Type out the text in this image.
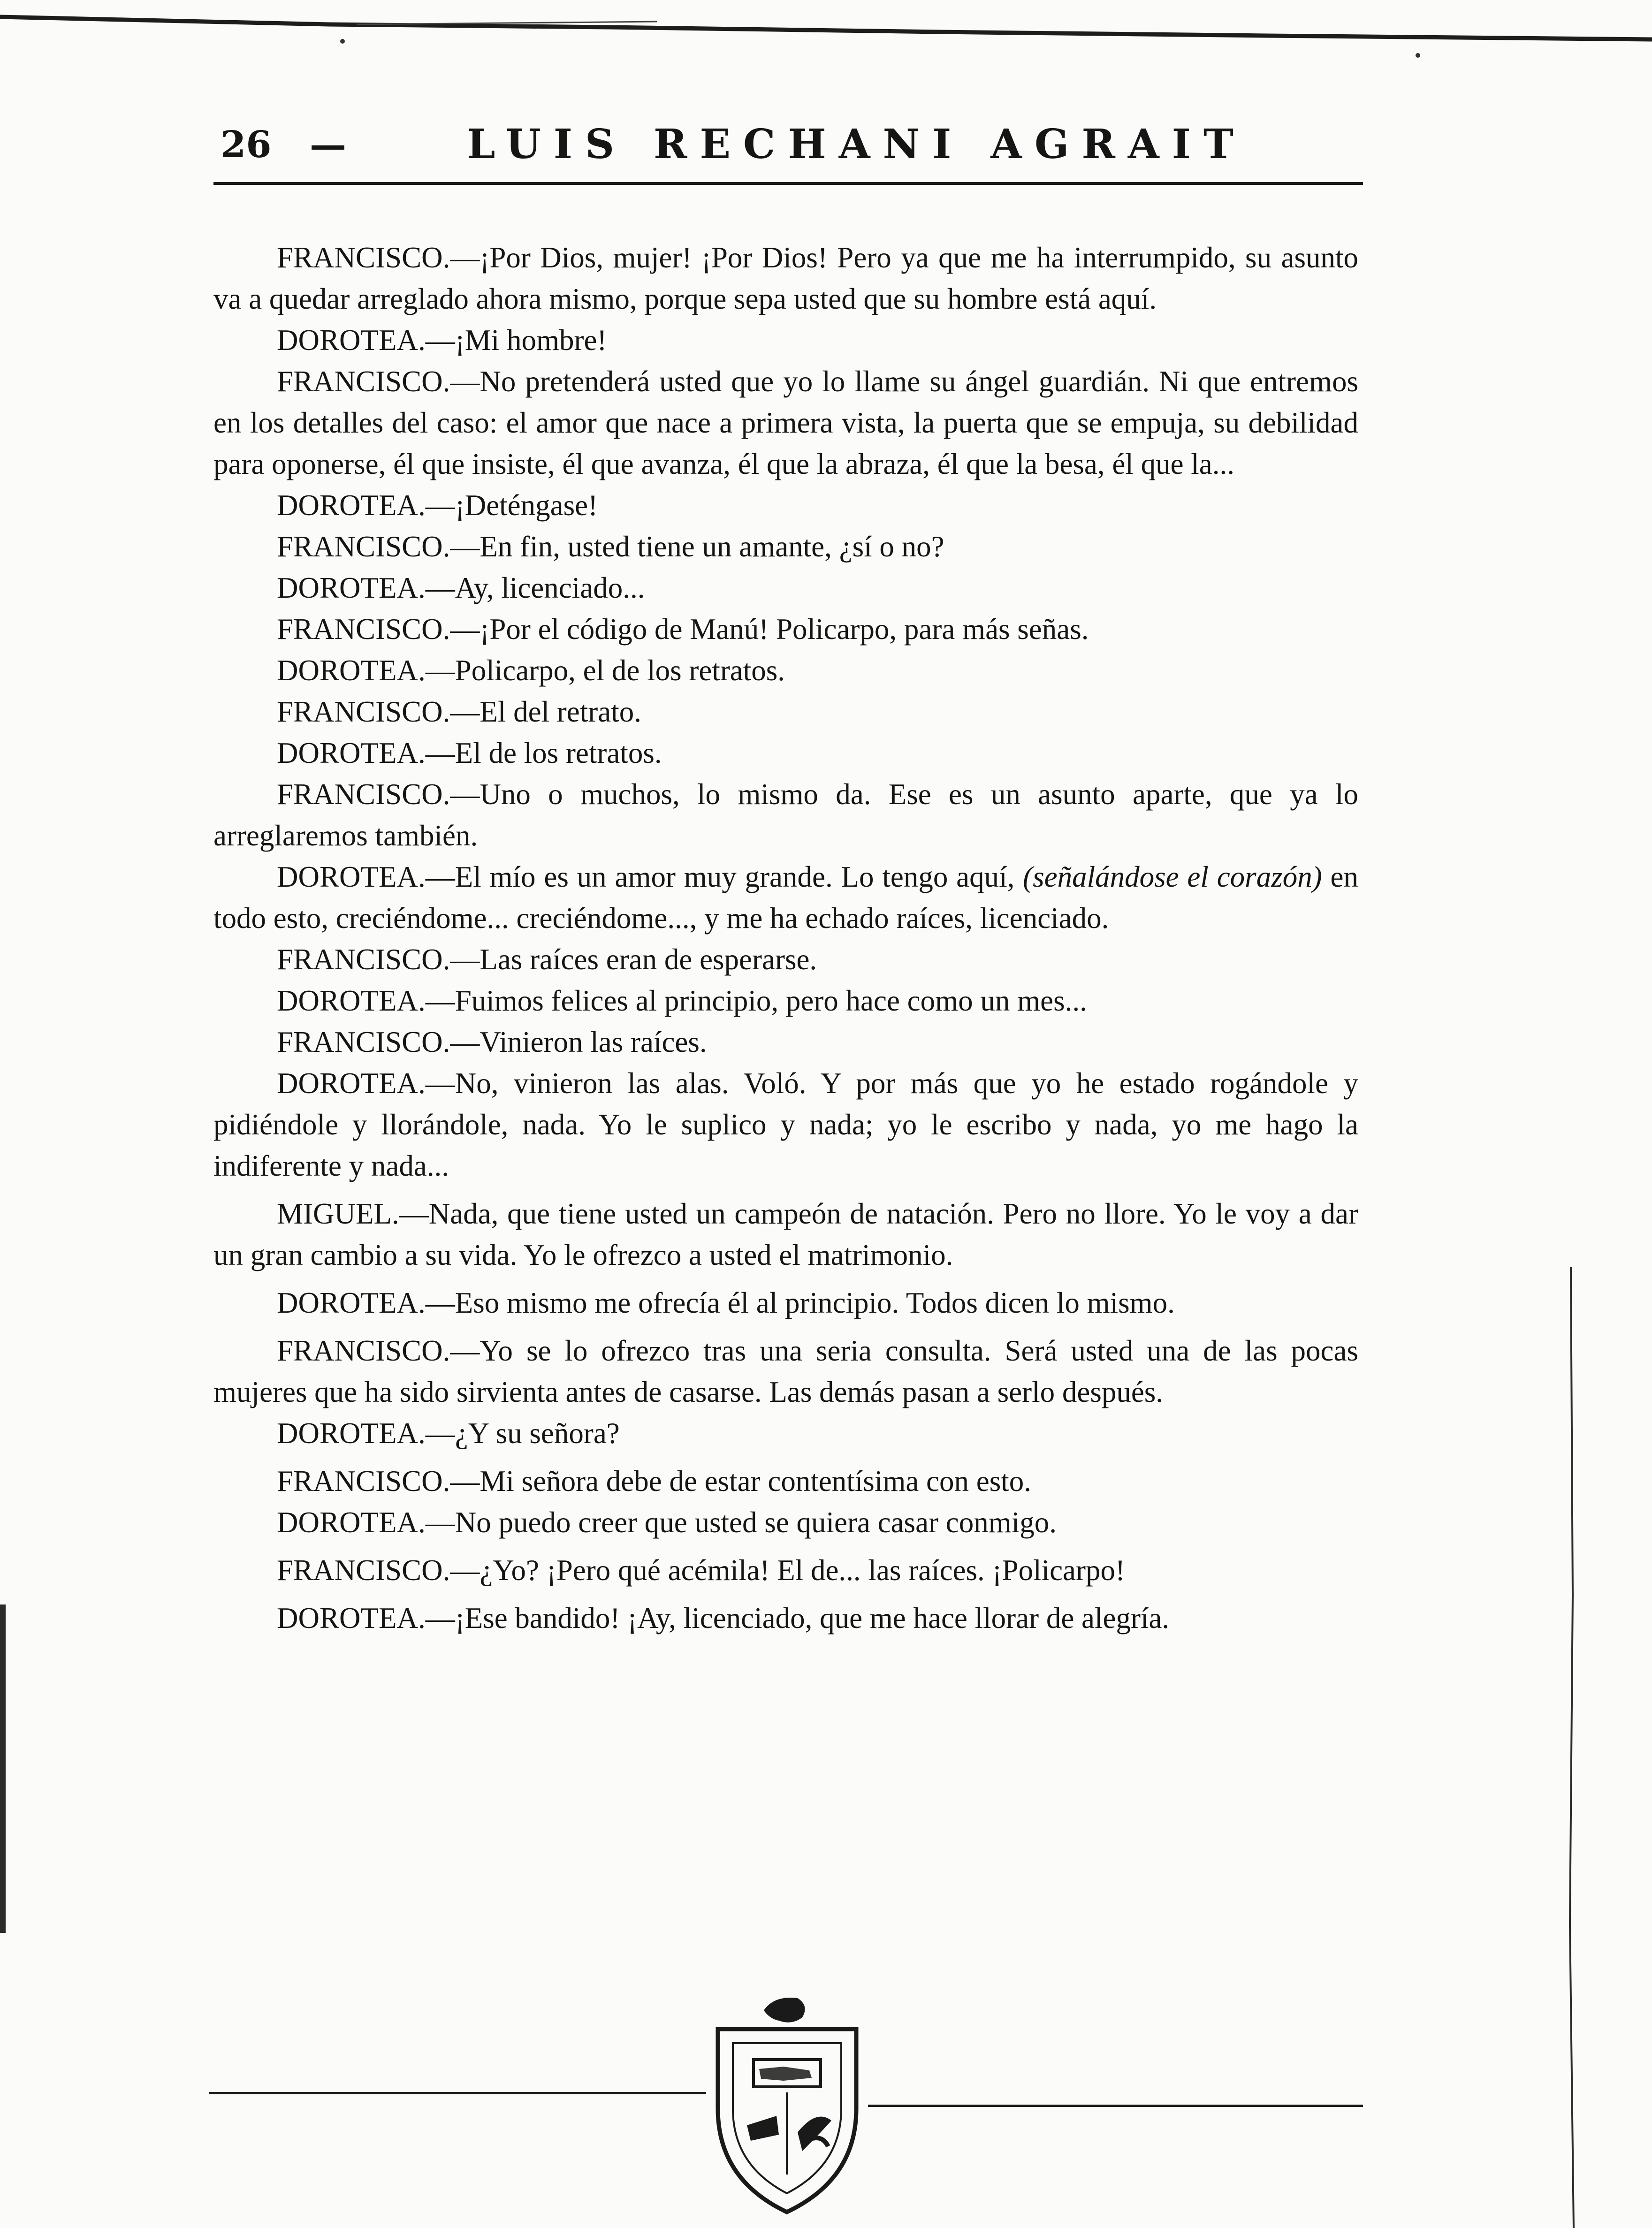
26 —	LUIS RECHANI AGRAIT

FRANCISCO.—¡Por Dios, mujer! ¡Por Dios! Pero ya que me ha interrumpido, su asunto va a quedar arreglado ahora mismo, porque sepa usted que su hombre está aquí.

DOROTEA.—¡Mi hombre!

FRANCISCO.—No pretenderá usted que yo lo llame su ángel guardián. Ni que entremos en los detalles del caso: el amor que nace a primera vista, la puerta que se empuja, su debilidad para oponerse, él que insiste, él que avanza, él que la abraza, él que la besa, él que la...

DOROTEA.—¡Deténgase!

FRANCISCO.—En fin, usted tiene un amante, ¿sí o no?

DOROTEA.—Ay, licenciado...

FRANCISCO.—¡Por el código de Manú! Policarpo, para más señas.

DOROTEA.—Policarpo, el de los retratos.

FRANCISCO.—El del retrato.

DOROTEA.—El de los retratos.

FRANCISCO.—Uno o muchos, lo mismo da. Ese es un asunto aparte, que ya lo arreglaremos también.

DOROTEA.—El mío es un amor muy grande. Lo tengo aquí, (señalándose el corazón) en todo esto, creciéndome... creciéndome..., y me ha echado raíces, licenciado.

FRANCISCO.—Las raíces eran de esperarse.

DOROTEA.—Fuimos felices al principio, pero hace como un mes...

FRANCISCO.—Vinieron las raíces.

DOROTEA.—No, vinieron las alas. Voló. Y por más que yo he estado rogándole y pidiéndole y llorándole, nada. Yo le suplico y nada; yo le escribo y nada, yo me hago la indiferente y nada...

MIGUEL.—Nada, que tiene usted un campeón de natación. Pero no llore. Yo le voy a dar un gran cambio a su vida. Yo le ofrezco a usted el matrimonio.

DOROTEA.—Eso mismo me ofrecía él al principio. Todos dicen lo mismo.

FRANCISCO.—Yo se lo ofrezco tras una seria consulta. Será usted una de las pocas mujeres que ha sido sirvienta antes de casarse. Las demás pasan a serlo después.

DOROTEA.—¿Y su señora?

FRANCISCO.—Mi señora debe de estar contentísima con esto.

DOROTEA.—No puedo creer que usted se quiera casar conmigo.

FRANCISCO.—¿Yo? ¡Pero qué acémila! El de... las raíces. ¡Policarpo!

DOROTEA.—¡Ese bandido! ¡Ay, licenciado, que me hace llorar de alegría.

PUERTO RICO ILUSTRADO
